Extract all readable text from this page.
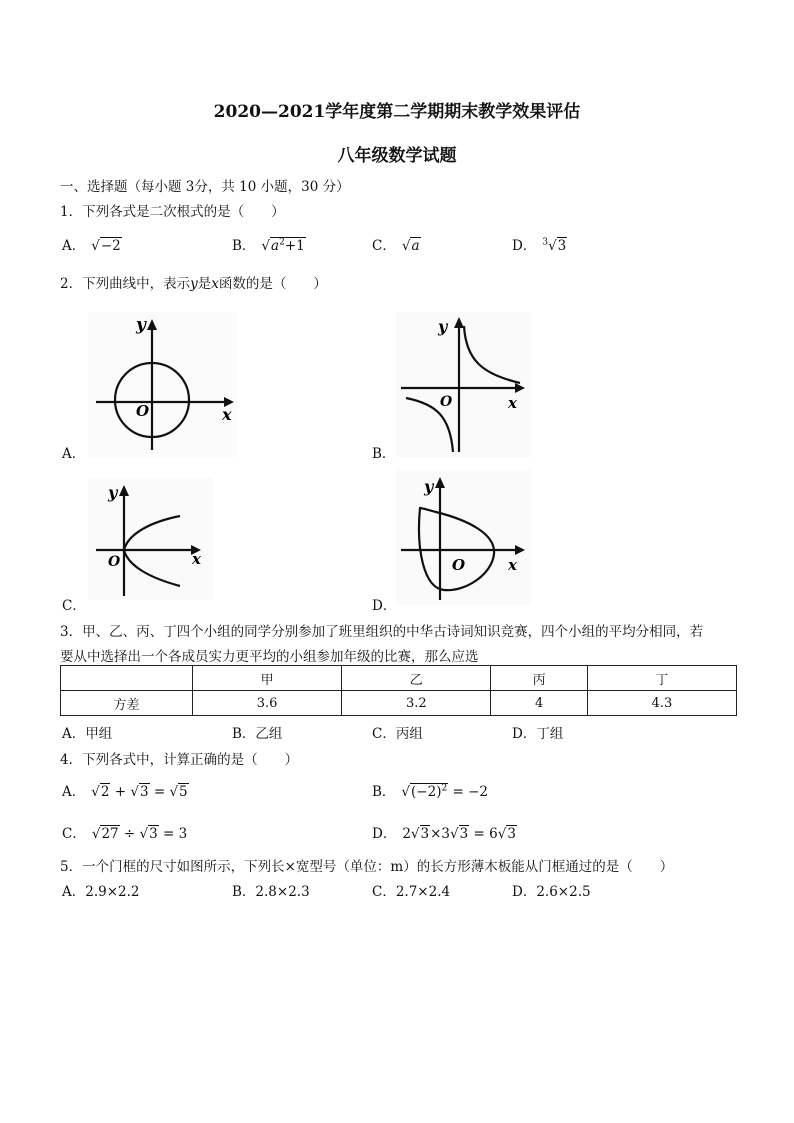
2020—2021学年度第二学期期末教学效果评估
八年级数学试题
一、选择题（每小题 3分，共 10 小题，30 分）
1．下列各式是二次根式的是（　　）
A． √−2	B． $√a^2+1$	C． √a	D． $^3$√3
2．下列曲线中，表示y是x函数的是（　　）
y
x
O
A．
y
x
O
B．
y
x
O
C．
y
x
O
D．
3．甲、乙、丙、丁四个小组的同学分别参加了班里组织的中华古诗词知识竞赛，四个小组的平均分相同，若
要从中选择出一个各成员实力更平均的小组参加年级的比赛，那么应选
	甲	乙	丙	丁
方差	3.6	3.2	4	4.3
A．甲组	B．乙组	C．丙组	D．丁组
4．下列各式中，计算正确的是（　　）
A． √2 + √3 = √5	B． $√(-2)^2 = -2$
C． √27 ÷ √3 = 3	D． 2√3×3√3 = 6√3
5．一个门框的尺寸如图所示，下列长×宽型号（单位：m）的长方形薄木板能从门框通过的是（　　）
A．2.9×2.2	B．2.8×2.3	C．2.7×2.4	D．2.6×2.5
